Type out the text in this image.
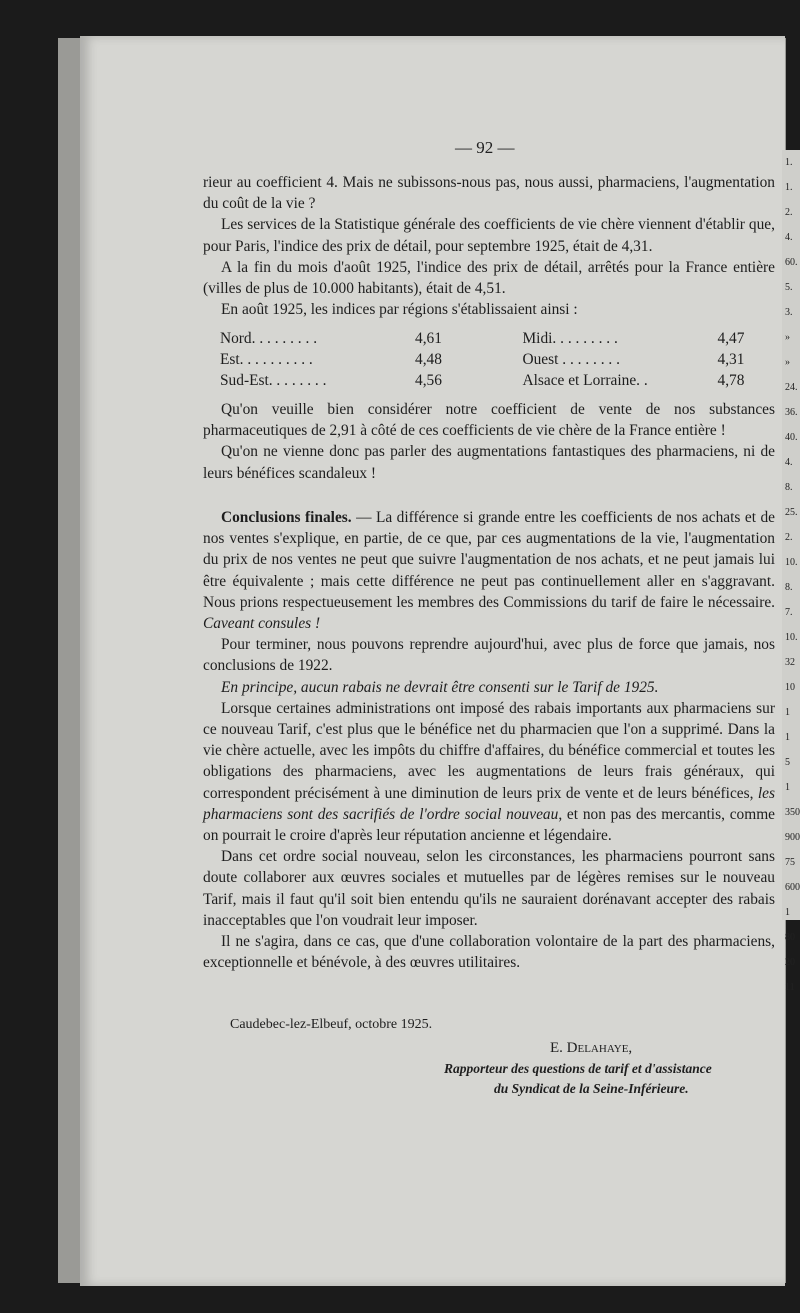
1.
1.
2.
4.
60.
5.
3.
»
»
24.
36.
40.
4.
8.
25.
2.
10.
8.
7.
10.
32
10
1
1
5
1
350
900
75
600
1
80
20
11
— 92 —

rieur au coefficient 4. Mais ne subissons-nous pas, nous aussi, pharmaciens, l'augmentation du coût de la vie ?

Les services de la Statistique générale des coefficients de vie chère viennent d'établir que, pour Paris, l'indice des prix de détail, pour septembre 1925, était de 4,31.

A la fin du mois d'août 1925, l'indice des prix de détail, arrêtés pour la France entière (villes de plus de 10.000 habitants), était de 4,51.

En août 1925, les indices par régions s'établissaient ainsi :

Nord. . . . . . . . .	4,61	Midi. . . . . . . . .	4,47
Est. . . . . . . . . .	4,48	Ouest . . . . . . . .	4,31
Sud-Est. . . . . . . .	4,56	Alsace et Lorraine. .	4,78

Qu'on veuille bien considérer notre coefficient de vente de nos substances pharmaceutiques de 2,91 à côté de ces coefficients de vie chère de la France entière !

Qu'on ne vienne donc pas parler des augmentations fantastiques des pharmaciens, ni de leurs bénéfices scandaleux !

Conclusions finales. — La différence si grande entre les coefficients de nos achats et de nos ventes s'explique, en partie, de ce que, par ces augmentations de la vie, l'augmentation du prix de nos ventes ne peut que suivre l'augmentation de nos achats, et ne peut jamais lui être équivalente ; mais cette différence ne peut pas continuellement aller en s'aggravant. Nous prions respectueusement les membres des Commissions du tarif de faire le nécessaire. Caveant consules !

Pour terminer, nous pouvons reprendre aujourd'hui, avec plus de force que jamais, nos conclusions de 1922.

En principe, aucun rabais ne devrait être consenti sur le Tarif de 1925.

Lorsque certaines administrations ont imposé des rabais importants aux pharmaciens sur ce nouveau Tarif, c'est plus que le bénéfice net du pharmacien que l'on a supprimé. Dans la vie chère actuelle, avec les impôts du chiffre d'affaires, du bénéfice commercial et toutes les obligations des pharmaciens, avec les augmentations de leurs frais généraux, qui correspondent précisément à une diminution de leurs prix de vente et de leurs bénéfices, les pharmaciens sont des sacrifiés de l'ordre social nouveau, et non pas des mercantis, comme on pourrait le croire d'après leur réputation ancienne et légendaire.

Dans cet ordre social nouveau, selon les circonstances, les pharmaciens pourront sans doute collaborer aux œuvres sociales et mutuelles par de légères remises sur le nouveau Tarif, mais il faut qu'il soit bien entendu qu'ils ne sauraient dorénavant accepter des rabais inacceptables que l'on voudrait leur imposer.

Il ne s'agira, dans ce cas, que d'une collaboration volontaire de la part des pharmaciens, exceptionnelle et bénévole, à des œuvres utilitaires.

Caudebec-lez-Elbeuf, octobre 1925.
E. Delahaye,
Rapporteur des questions de tarif et d'assistance
du Syndicat de la Seine-Inférieure.
